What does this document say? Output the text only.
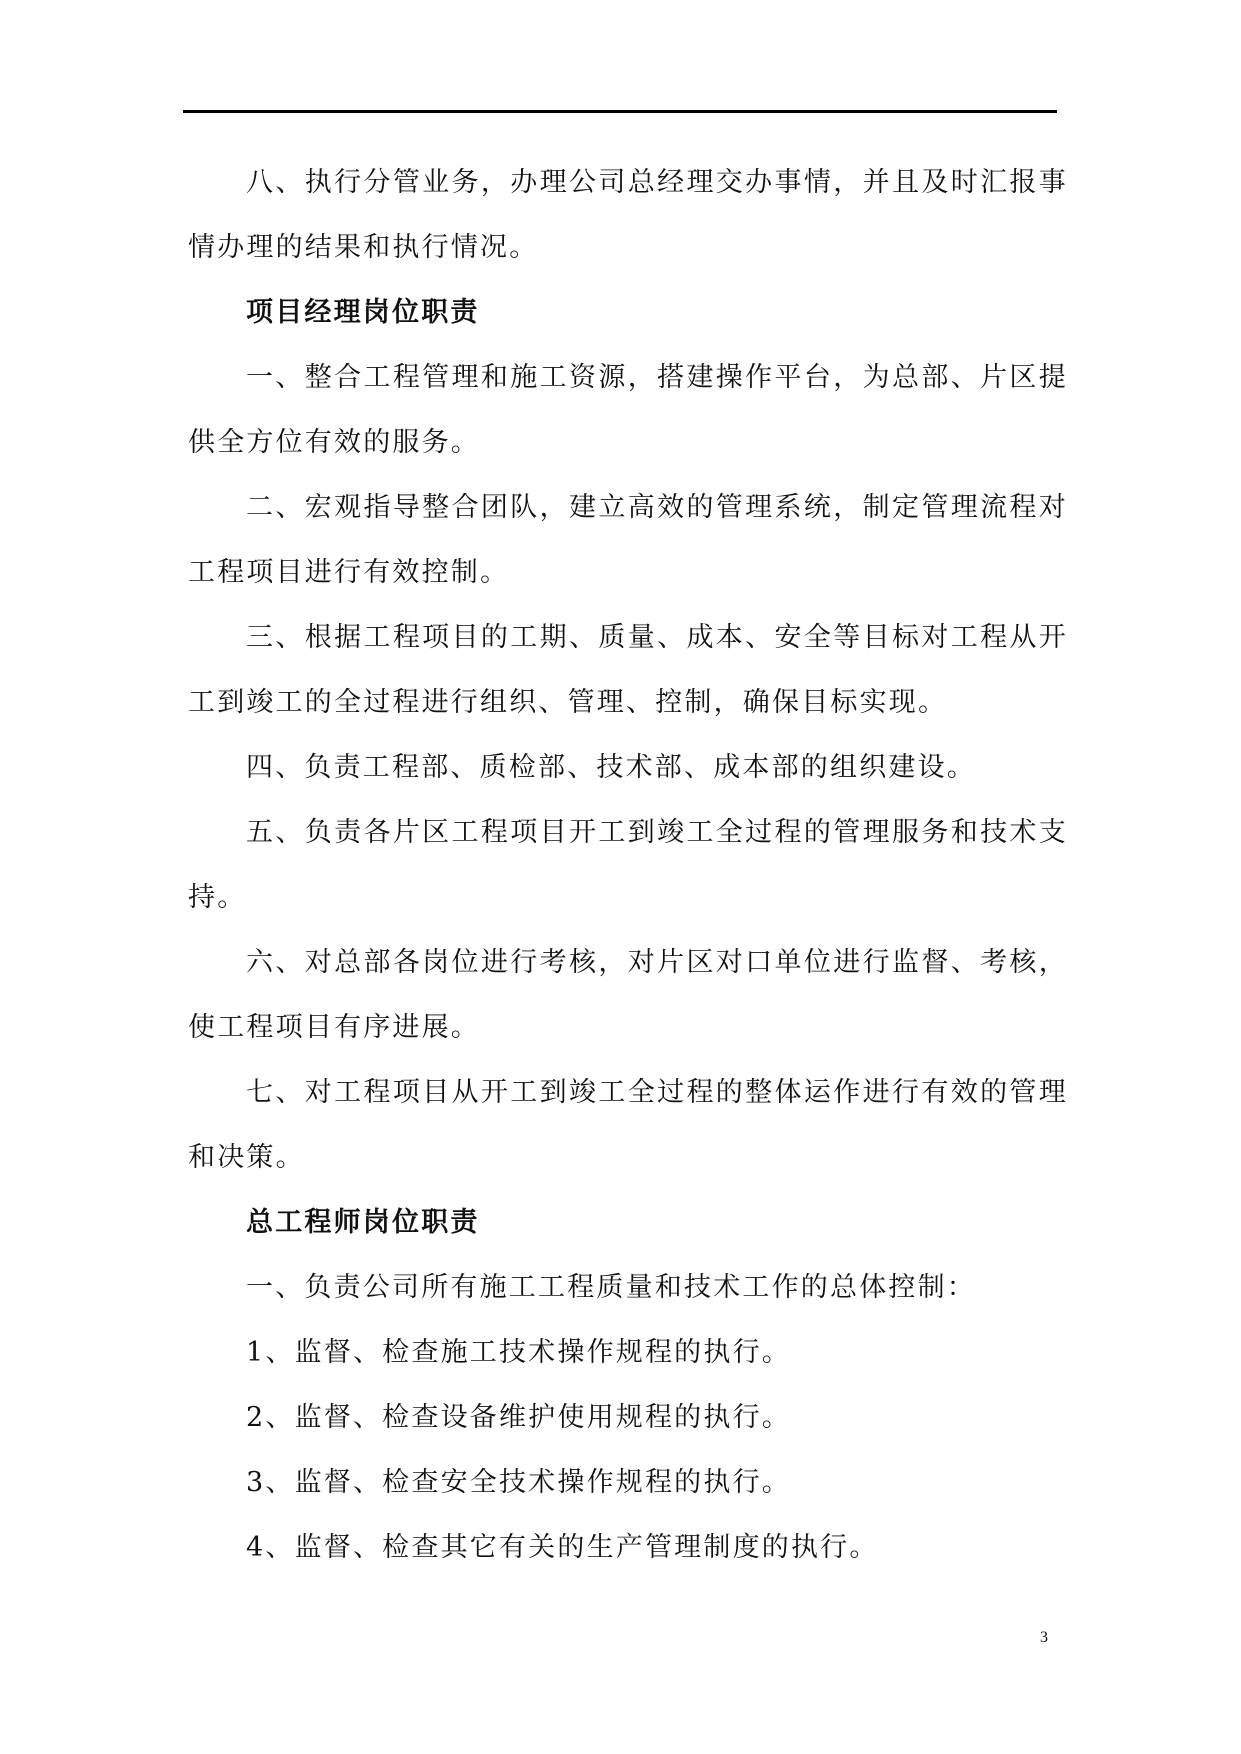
八、执行分管业务，办理公司总经理交办事情，并且及时汇报事情办理的结果和执行情况。

项目经理岗位职责

一、整合工程管理和施工资源，搭建操作平台，为总部、片区提供全方位有效的服务。

二、宏观指导整合团队，建立高效的管理系统，制定管理流程对工程项目进行有效控制。

三、根据工程项目的工期、质量、成本、安全等目标对工程从开工到竣工的全过程进行组织、管理、控制，确保目标实现。

四、负责工程部、质检部、技术部、成本部的组织建设。

五、负责各片区工程项目开工到竣工全过程的管理服务和技术支持。

六、对总部各岗位进行考核，对片区对口单位进行监督、考核，使工程项目有序进展。

七、对工程项目从开工到竣工全过程的整体运作进行有效的管理和决策。

总工程师岗位职责

一、负责公司所有施工工程质量和技术工作的总体控制：

1、监督、检查施工技术操作规程的执行。

2、监督、检查设备维护使用规程的执行。

3、监督、检查安全技术操作规程的执行。

4、监督、检查其它有关的生产管理制度的执行。

3
